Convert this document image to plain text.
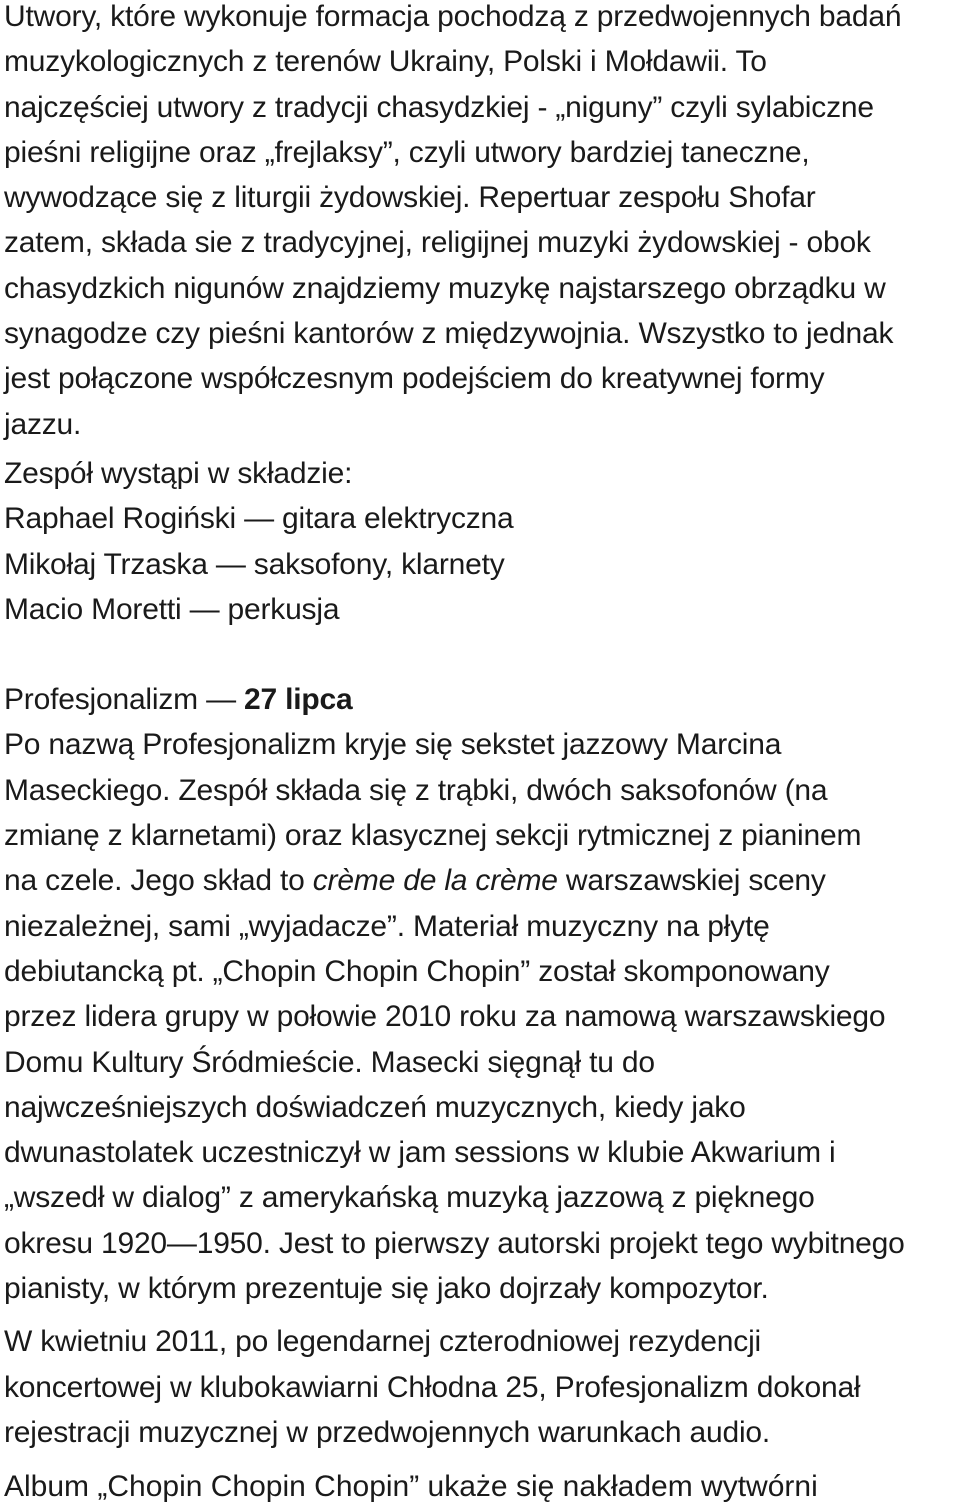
Utwory, które wykonuje formacja pochodzą z przedwojennych badań
muzykologicznych z terenów Ukrainy, Polski i Mołdawii. To
najczęściej utwory z tradycji chasydzkiej - „niguny” czyli sylabiczne
pieśni religijne oraz „frejlaksy”, czyli utwory bardziej taneczne,
wywodzące się z liturgii żydowskiej. Repertuar zespołu Shofar
zatem, składa sie z tradycyjnej, religijnej muzyki żydowskiej - obok
chasydzkich nigunów znajdziemy muzykę najstarszego obrządku w
synagodze czy pieśni kantorów z międzywojnia. Wszystko to jednak
jest połączone współczesnym podejściem do kreatywnej formy
jazzu.
Zespół wystąpi w składzie:
Raphael Rogiński — gitara elektryczna
Mikołaj Trzaska — saksofony, klarnety
Macio Moretti — perkusja
Profesjonalizm — 27 lipca
Po nazwą Profesjonalizm kryje się sekstet jazzowy Marcina
Maseckiego. Zespół składa się z trąbki, dwóch saksofonów (na
zmianę z klarnetami) oraz klasycznej sekcji rytmicznej z pianinem
na czele. Jego skład to crème de la crème warszawskiej sceny
niezależnej, sami „wyjadacze”. Materiał muzyczny na płytę
debiutancką pt. „Chopin Chopin Chopin” został skomponowany
przez lidera grupy w połowie 2010 roku za namową warszawskiego
Domu Kultury Śródmieście. Masecki sięgnął tu do
najwcześniejszych doświadczeń muzycznych, kiedy jako
dwunastolatek uczestniczył w jam sessions w klubie Akwarium i
„wszedł w dialog” z amerykańską muzyką jazzową z pięknego
okresu 1920—1950. Jest to pierwszy autorski projekt tego wybitnego
pianisty, w którym prezentuje się jako dojrzały kompozytor.
W kwietniu 2011, po legendarnej czterodniowej rezydencji
koncertowej w klubokawiarni Chłodna 25, Profesjonalizm dokonał
rejestracji muzycznej w przedwojennych warunkach audio.
Album „Chopin Chopin Chopin” ukaże się nakładem wytwórni
